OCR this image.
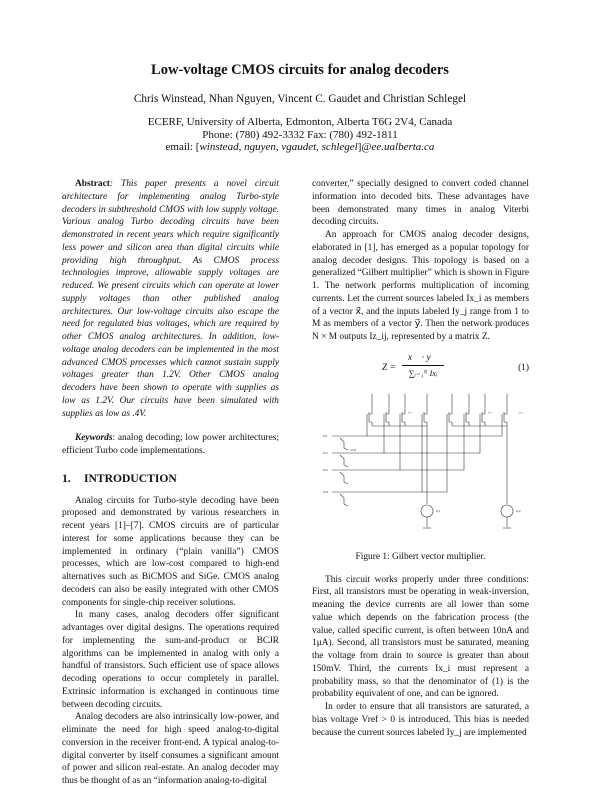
Low-voltage CMOS circuits for analog decoders
Chris Winstead, Nhan Nguyen, Vincent C. Gaudet and Christian Schlegel
ECERF, University of Alberta, Edmonton, Alberta T6G 2V4, Canada
Phone: (780) 492-3332 Fax: (780) 492-1811
email: [winstead, nguyen, vgaudet, schlegel]@ee.ualberta.ca

Abstract: This paper presents a novel circuit architecture for implementing analog Turbo-style decoders in subthreshold CMOS with low supply voltage. Various analog Turbo decoding circuits have been demonstrated in recent years which require significantly less power and silicon area than digital circuits while providing high throughput. As CMOS process technologies improve, allowable supply voltages are reduced. We present circuits which can operate at lower supply voltages than other published analog architectures. Our low-voltage circuits also escape the need for regulated bias voltages, which are required by other CMOS analog architectures. In addition, low-voltage analog decoders can be implemented in the most advanced CMOS processes which cannot sustain supply voltages greater than 1.2V. Other CMOS analog decoders have been shown to operate with supplies as low as 1.2V. Our circuits have been simulated with supplies as low as .4V.

Keywords: analog decoding; low power architectures; efficient Turbo code implementations.

1. INTRODUCTION

Analog circuits for Turbo-style decoding have been proposed and demonstrated by various researchers in recent years [1]–[7]. CMOS circuits are of particular interest for some applications because they can be implemented in ordinary (“plain vanilla”) CMOS processes, which are low-cost compared to high-end alternatives such as BiCMOS and SiGe. CMOS analog decoders can also be easily integrated with other CMOS components for single-chip receiver solutions.

In many cases, analog decoders offer significant advantages over digital designs. The operations required for implementing the sum-and-product or BCJR algorithms can be implemented in analog with only a handful of transistors. Such efficient use of space allows decoding operations to occur completely in parallel. Extrinsic information is exchanged in continuous time between decoding circuits.

Analog decoders are also intrinsically low-power, and eliminate the need for high speed analog-to-digital conversion in the receiver front-end. A typical analog-to-digital converter by itself consumes a significant amount of power and silicon real-estate. An analog decoder may thus be thought of as an “information analog-to-digital

converter,” specially designed to convert coded channel information into decoded bits. These advantages have been demonstrated many times in analog Viterbi decoding circuits.

An approach for CMOS analog decoder designs, elaborated in [1], has emerged as a popular topology for analog decoder designs. This topology is based on a generalized “Gilbert multiplier” which is shown in Figure 1. The network performs multiplication of incoming currents. Let the current sources labeled Ix_i as members of a vector x⃗, and the inputs labeled Iy_j range from 1 to M as members of a vector y⃗. Then the network produces N × M outputs Iz_ij, represented by a matrix Z.

Z =
x⃗ · y⃗
∑ᵢ₌₁ᴺ Ixᵢ	(1)
Ix1
Ix2
Ix3
IxN
Vref
Iy1	Iy2
•••	•••	•••
Figure 1: Gilbert vector multiplier.

This circuit works properly under three conditions: First, all transistors must be operating in weak-inversion, meaning the device currents are all lower than some value which depends on the fabrication process (the value, called specific current, is often between 10nA and 1μA). Second, all transistors must be saturated, meaning the voltage from drain to source is greater than about 150mV. Third, the currents Ix_i must represent a probability mass, so that the denominator of (1) is the probability equivalent of one, and can be ignored.

In order to ensure that all transistors are saturated, a bias voltage Vref > 0 is introduced. This bias is needed because the current sources labeled Iy_j are implemented
